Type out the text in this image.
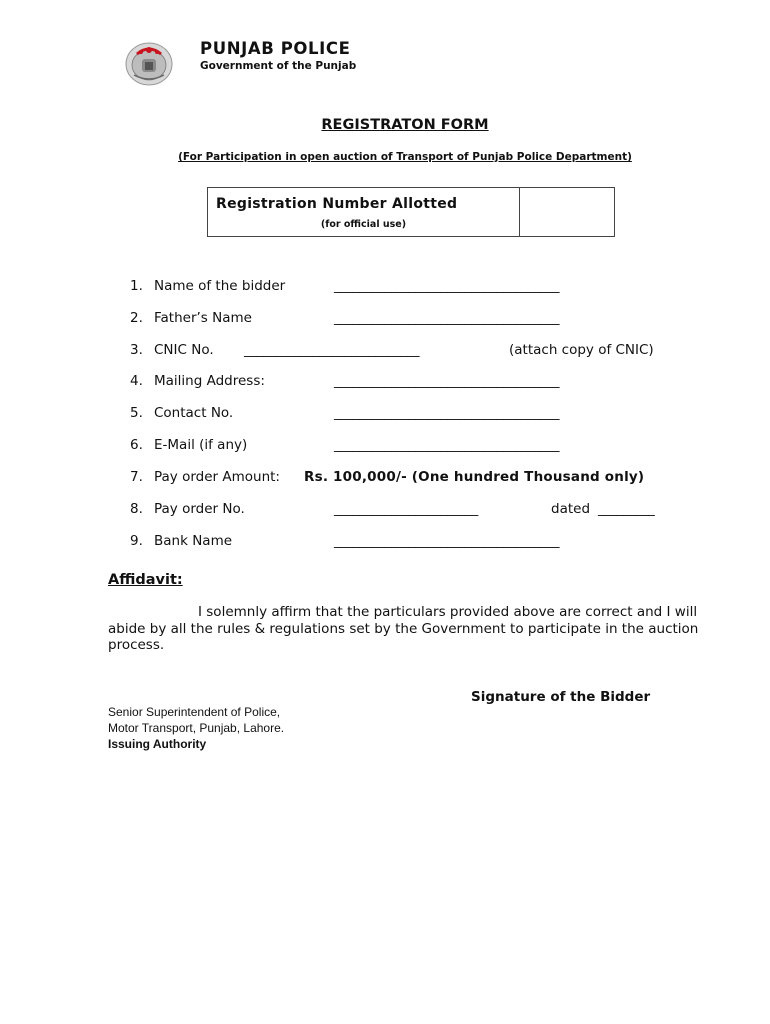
PUNJAB POLICE
Government of the Punjab
REGISTRATON FORM
(For Participation in open auction of Transport of Punjab Police Department)
Registration Number Allotted
(for official use)
1. Name of the bidder	____________________________________
2. Father’s Name	____________________________________
3. CNIC No. ____________________________	(attach copy of CNIC)
4. Mailing Address:	____________________________________
5. Contact No.	____________________________________
6. E-Mail (if any)	____________________________________
7. Pay order Amount: Rs. 100,000/- (One hundred Thousand only)
8. Pay order No.	_______________________	dated _________
9. Bank Name	____________________________________
Affidavit:
I solemnly affirm that the particulars provided above are correct and I will abide by all the rules & regulations set by the Government to participate in the auction process.
Signature of the Bidder
Senior Superintendent of Police,
Motor Transport, Punjab, Lahore.
Issuing Authority
